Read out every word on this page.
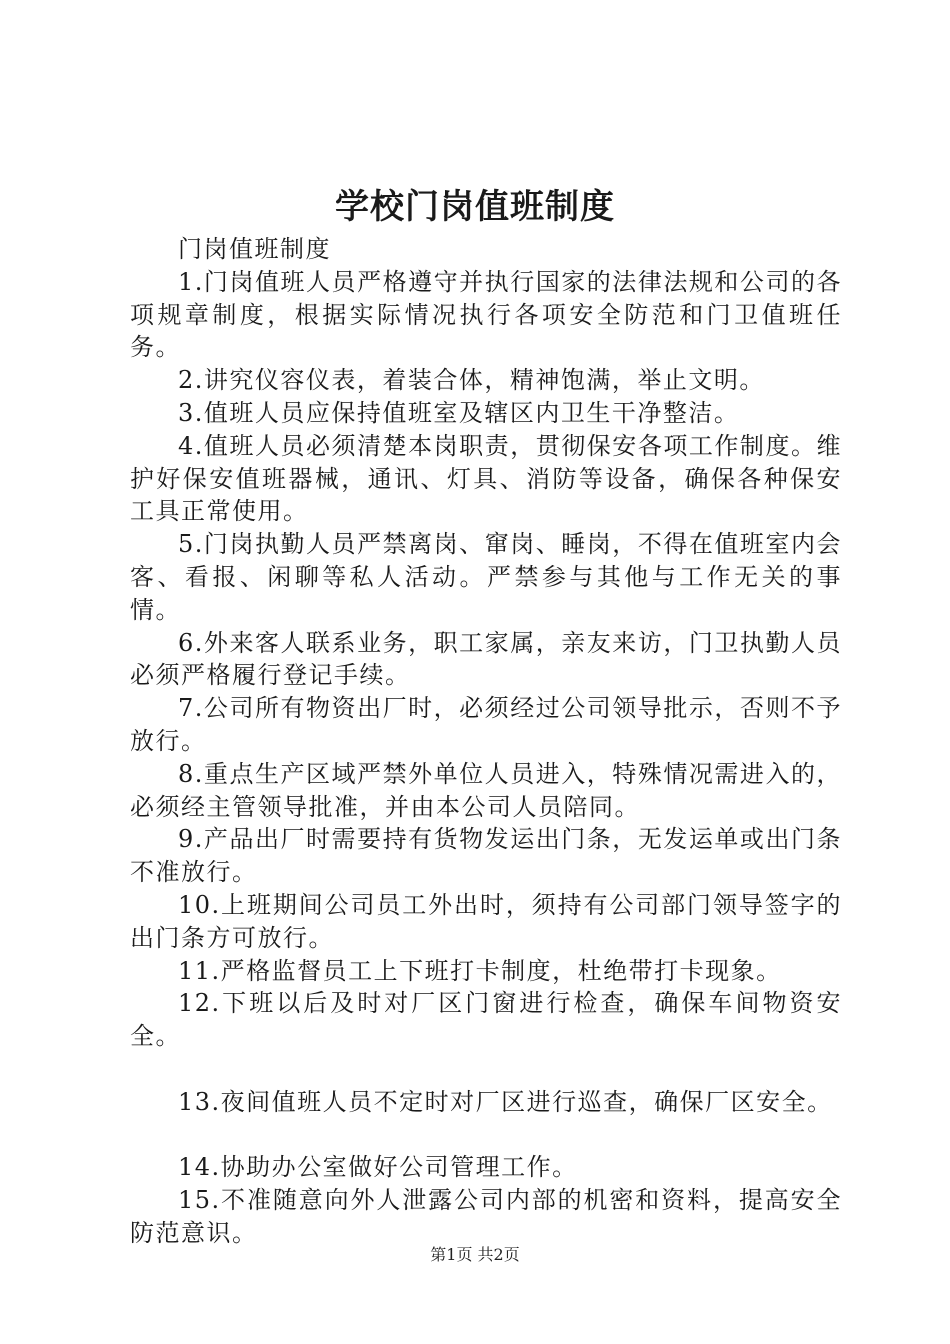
学校门岗值班制度

门岗值班制度

1.门岗值班人员严格遵守并执行国家的法律法规和公司的各项规章制度，根据实际情况执行各项安全防范和门卫值班任务。

2.讲究仪容仪表，着装合体，精神饱满，举止文明。

3.值班人员应保持值班室及辖区内卫生干净整洁。

4.值班人员必须清楚本岗职责，贯彻保安各项工作制度。维护好保安值班器械，通讯、灯具、消防等设备，确保各种保安工具正常使用。

5.门岗执勤人员严禁离岗、窜岗、睡岗，不得在值班室内会客、看报、闲聊等私人活动。严禁参与其他与工作无关的事情。

6.外来客人联系业务，职工家属，亲友来访，门卫执勤人员必须严格履行登记手续。

7.公司所有物资出厂时，必须经过公司领导批示，否则不予放行。

8.重点生产区域严禁外单位人员进入，特殊情况需进入的，必须经主管领导批准，并由本公司人员陪同。

9.产品出厂时需要持有货物发运出门条，无发运单或出门条不准放行。

10.上班期间公司员工外出时，须持有公司部门领导签字的出门条方可放行。

11.严格监督员工上下班打卡制度，杜绝带打卡现象。

12.下班以后及时对厂区门窗进行检查，确保车间物资安全。

13.夜间值班人员不定时对厂区进行巡查，确保厂区安全。

14.协助办公室做好公司管理工作。

15.不准随意向外人泄露公司内部的机密和资料，提高安全防范意识。

第1页 共2页
